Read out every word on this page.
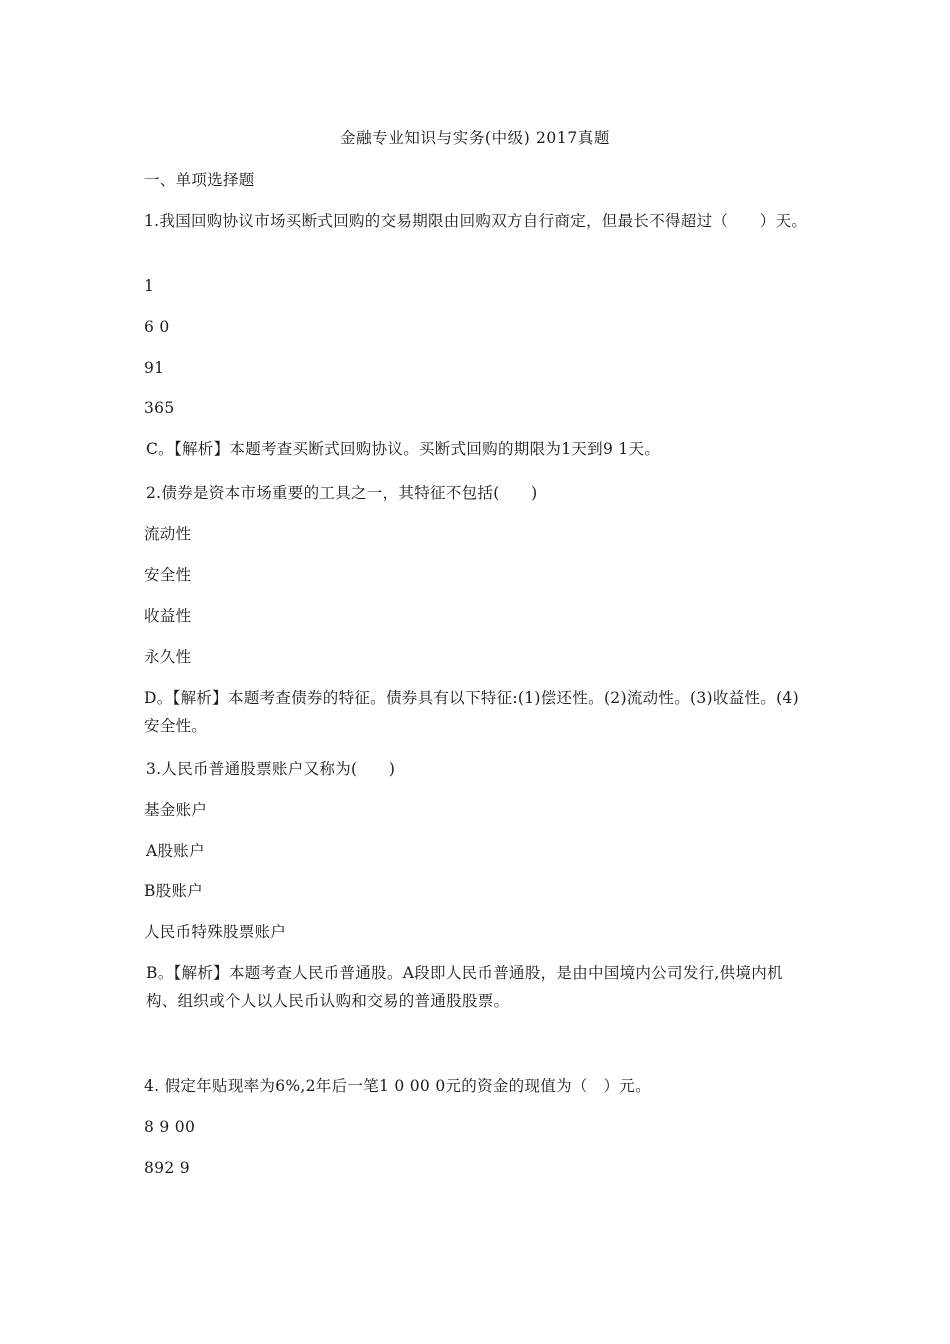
金融专业知识与实务(中级) 2017真题
一、单项选择题
1.我国回购协议市场买断式回购的交易期限由回购双方自行商定，但最长不得超过（　　）天。
1
6 0
91
365
C。【解析】本题考查买断式回购协议。买断式回购的期限为1天到9 1天。
2.债券是资本市场重要的工具之一，其特征不包括(　　)
流动性
安全性
收益性
永久性
D。【解析】本题考查债券的特征。债券具有以下特征:(1)偿还性。(2)流动性。(3)收益性。(4)安全性。
3.人民币普通股票账户又称为(　　)
基金账户
A股账户
B股账户
人民币特殊股票账户
B。【解析】本题考查人民币普通股。A段即人民币普通股，是由中国境内公司发行,供境内机构、组织或个人以人民币认购和交易的普通股股票。
4. 假定年贴现率为6%,2年后一笔1 0 00 0元的资金的现值为（　）元。
8 9 00
892 9
